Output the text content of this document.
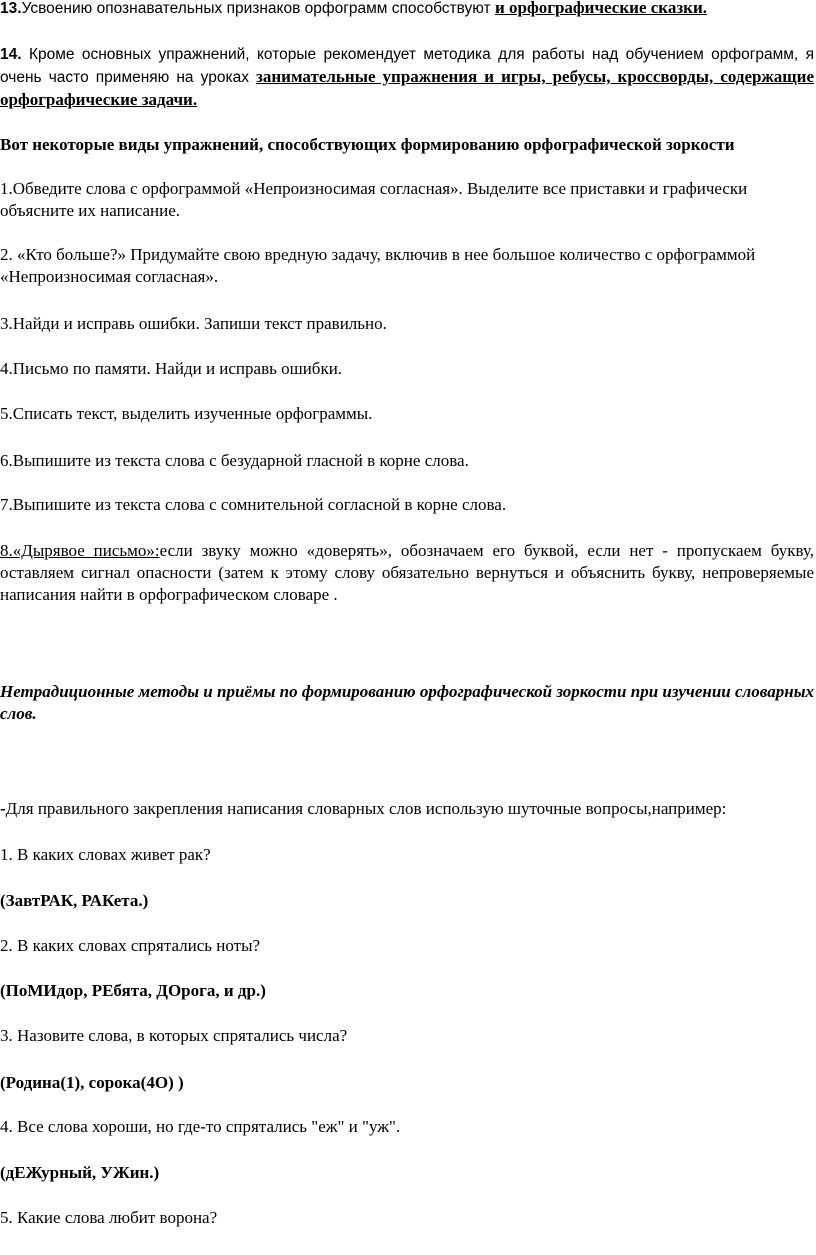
13.Усвоению опознавательных признаков орфограмм способствуют и орфографические сказки.

14. Кроме основных упражнений, которые рекомендует методика для работы над обучением орфограмм, я очень часто применяю на уроках занимательные упражнения и игры, ребусы, кроссворды, содержащие орфографические задачи.

Вот некоторые виды упражнений, способствующих формированию орфографической зоркости

1.Обведите слова с орфограммой «Непроизносимая согласная». Выделите все приставки и графически объясните их написание.

2. «Кто больше?» Придумайте свою вредную задачу, включив в нее большое количество с орфограммой «Непроизносимая согласная».

3.Найди и исправь ошибки. Запиши текст правильно.

4.Письмо по памяти. Найди и исправь ошибки.

5.Списать текст, выделить изученные орфограммы.

6.Выпишите из текста слова с безударной гласной в корне слова.

7.Выпишите из текста слова с сомнительной согласной в корне слова.

8.«Дырявое письмо»:если звуку можно «доверять», обозначаем его буквой, если нет - пропускаем букву, оставляем сигнал опасности (затем к этому слову обязательно вернуться и объяснить букву, непроверяемые написания найти в орфографическом словаре .

Нетрадиционные методы и приёмы по формированию орфографической зоркости при изучении словарных слов.

-Для правильного закрепления написания словарных слов использую шуточные вопросы,например:

1. В каких словах живет рак?

(ЗавтРАК, РАКета.)

2. В каких словах спрятались ноты?

(ПоМИдор, РЕбята, ДОрога, и др.)

3. Назовите слова, в которых спрятались числа?

(Родина(1), сорока(4О) )

4. Все слова хороши, но где-то спрятались "еж" и "уж".

(дЕЖурный, УЖин.)

5. Какие слова любит ворона?
